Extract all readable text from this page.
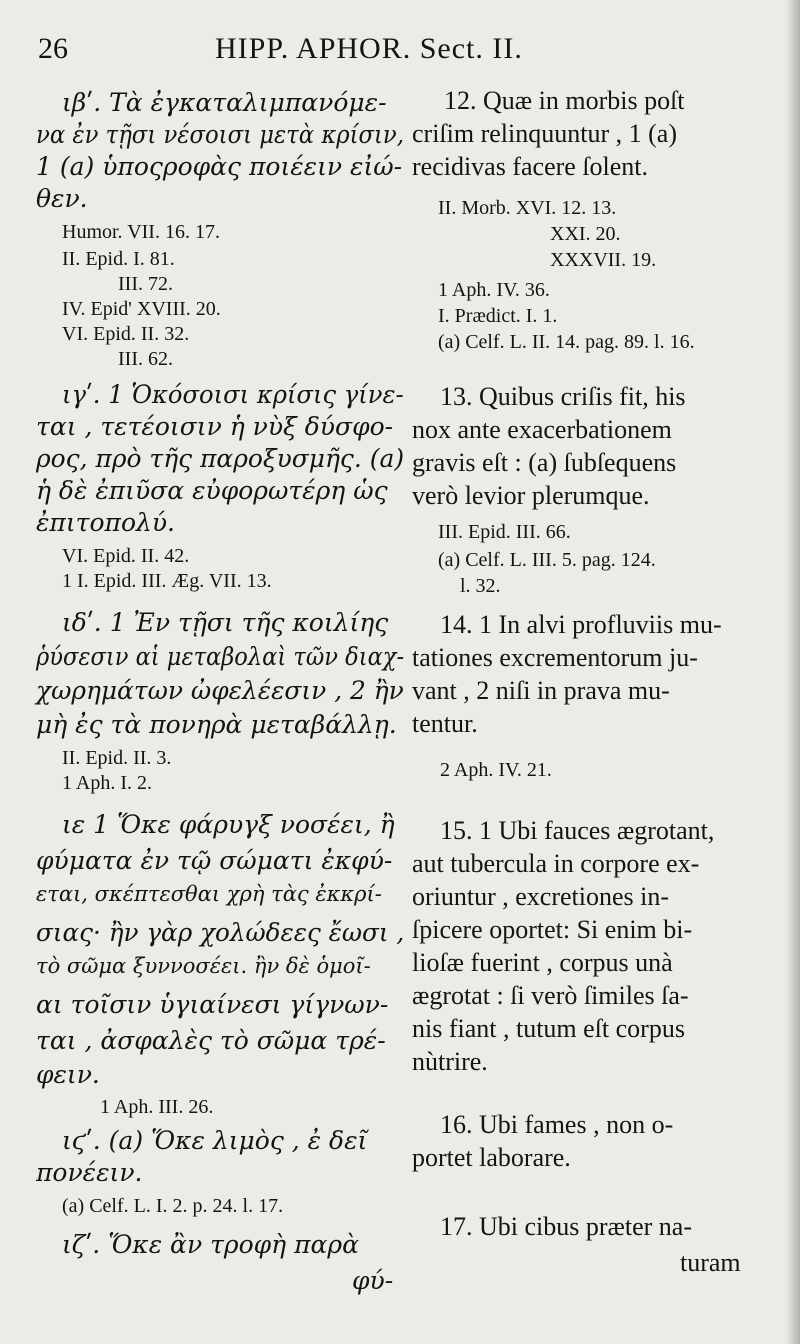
26	HIPP. APHOR. Sect. II.
ιβʹ. Τὰ ἐγκαταλιμπανόμε-
να ἐν τῇσι νέσοισι μετὰ κρίσιν,
1 (a) ὑποςροφὰς ποιέειν εἰώ-
θεν.
Humor. VII. 16. 17.
II. Epid. I. 81.
III. 72.
IV. Epid' XVIII. 20.
VI. Epid. II. 32.
III. 62.
ιγʹ. 1 Ὁκόσοισι κρίσις γίνε-
ται , τετέοισιν ἡ νὺξ δύσφο-
ρος, πρὸ τῆς παροξυσμῆς. (a)
ἡ δὲ ἐπιῦσα εὐφορωτέρη ὡς
ἐπιτοπολύ.
VI. Epid. II. 42.
1 I. Epid. III. Æg. VII. 13.
ιδʹ. 1 Ἐν τῇσι τῆς κοιλίης
ῥύσεσιν αἱ μεταβολαὶ τῶν διαχ-
χωρημάτων ὠφελέεσιν , 2 ἢν
μὴ ἐς τὰ πονηρὰ μεταβάλλῃ.
II. Epid. II. 3.
1 Aph. I. 2.
ιε 1 Ὅκε φάρυγξ νοσέει, ἢ
φύματα ἐν τῷ σώματι ἐκφύ-
εται, σκέπτεσθαι χρὴ τὰς ἐκκρί-
σιας· ἢν γὰρ χολώδεες ἔωσι ,
τὸ σῶμα ξυννοσέει. ἢν δὲ ὁμοῖ-
αι τοῖσιν ὑγιαίνεσι γίγνων-
ται , ἀσφαλὲς τὸ σῶμα τρέ-
φειν.
1 Aph. III. 26.
ιϛʹ. (a) Ὅκε λιμὸς , ἐ δεῖ
πονέειν.
(a) Celf. L. I. 2. p. 24. l. 17.
ιζʹ. Ὅκε ἂν τροφὴ παρὰ
φύ-
12. Quæ in morbis poſt
criſim relinquuntur , 1 (a)
recidivas facere ſolent.
II. Morb. XVI. 12. 13.
XXI. 20.
XXXVII. 19.
1 Aph. IV. 36.
I. Prædict. I. 1.
(a) Celf. L. II. 14. pag. 89. l. 16.
13. Quibus criſis fit, his
nox ante exacerbationem
gravis eſt : (a) ſubſequens
verò levior plerumque.
III. Epid. III. 66.
(a) Celf. L. III. 5. pag. 124.
l. 32.
14. 1 In alvi profluviis mu-
tationes excrementorum ju-
vant , 2 niſi in prava mu-
tentur.
2 Aph. IV. 21.
15. 1 Ubi fauces ægrotant,
aut tubercula in corpore ex-
oriuntur , excretiones in-
ſpicere oportet: Si enim bi-
lioſæ fuerint , corpus unà
ægrotat : ſi verò ſimiles ſa-
nis fiant , tutum eſt corpus
nùtrire.
16. Ubi fames , non o-
portet laborare.
17. Ubi cibus præter na-
turam
